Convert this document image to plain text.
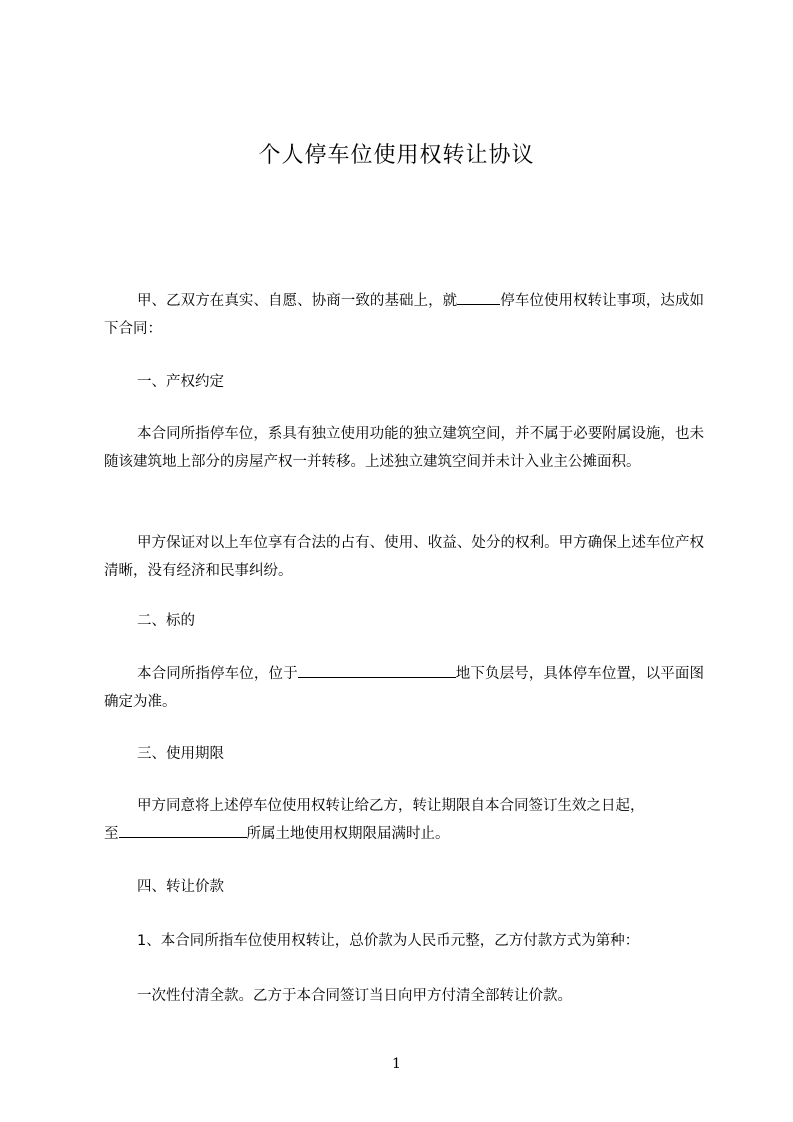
个人停车位使用权转让协议
甲、乙双方在真实、自愿、协商一致的基础上，就	停车位使用权转让事项，达成如下合同：
一、产权约定
本合同所指停车位，系具有独立使用功能的独立建筑空间，并不属于必要附属设施，也未随该建筑地上部分的房屋产权一并转移。上述独立建筑空间并未计入业主公摊面积。
甲方保证对以上车位享有合法的占有、使用、收益、处分的权利。甲方确保上述车位产权清晰，没有经济和民事纠纷。
二、标的
本合同所指停车位，位于	地下负层号，具体停车位置，以平面图确定为准。
三、使用期限
甲方同意将上述停车位使用权转让给乙方，转让期限自本合同签订生效之日起，
至	所属土地使用权期限届满时止。
四、转让价款
1、本合同所指车位使用权转让，总价款为人民币元整，乙方付款方式为第种：
一次性付清全款。乙方于本合同签订当日向甲方付清全部转让价款。
1
